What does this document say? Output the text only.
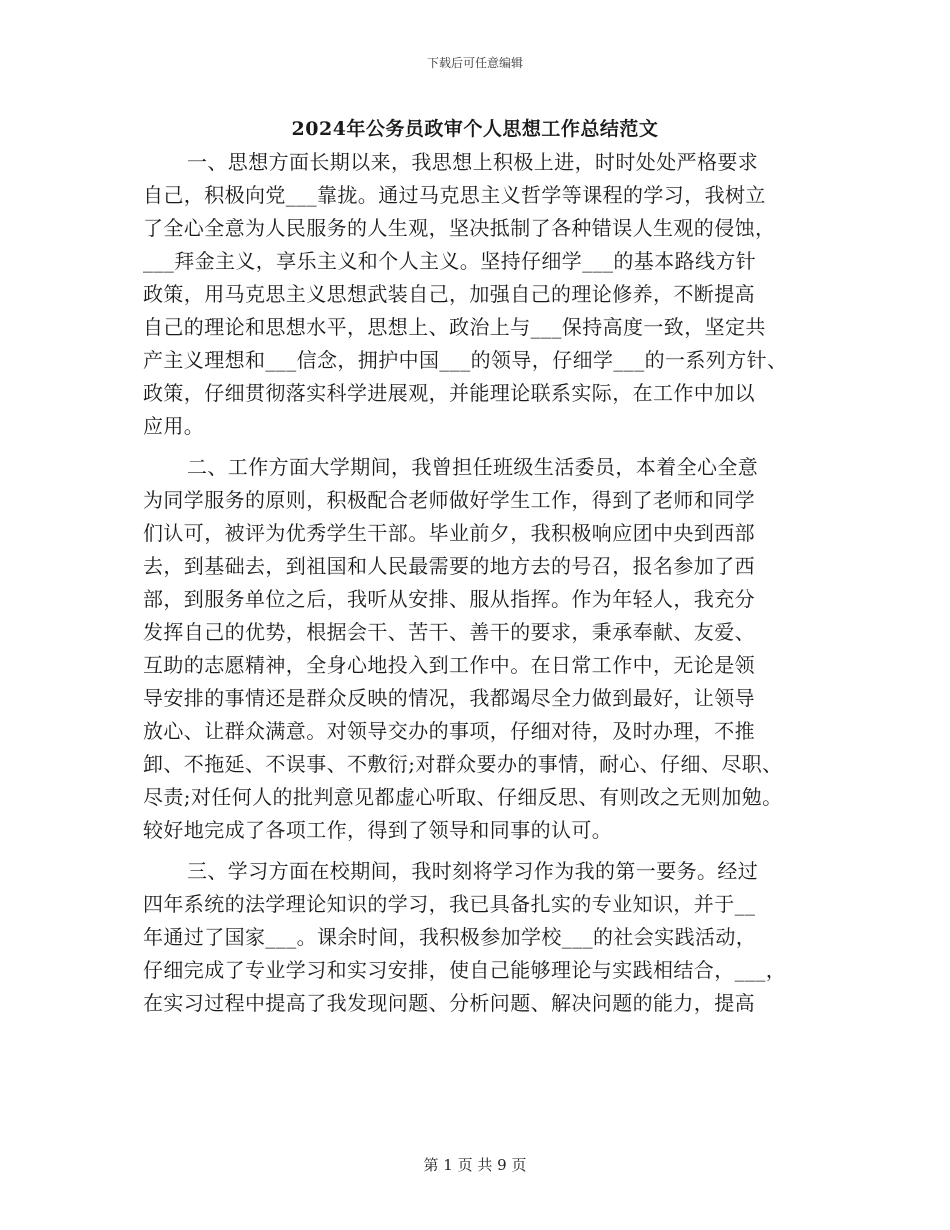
下载后可任意编辑
2024年公务员政审个人思想工作总结范文
一、思想方面长期以来，我思想上积极上进，时时处处严格要求
自己，积极向党___靠拢。通过马克思主义哲学等课程的学习，我树立
了全心全意为人民服务的人生观，坚决抵制了各种错误人生观的侵蚀，
___拜金主义，享乐主义和个人主义。坚持仔细学___的基本路线方针
政策，用马克思主义思想武装自己，加强自己的理论修养，不断提高
自己的理论和思想水平，思想上、政治上与___保持高度一致，坚定共
产主义理想和___信念，拥护中国___的领导，仔细学___的一系列方针、
政策，仔细贯彻落实科学进展观，并能理论联系实际，在工作中加以
应用。
二、工作方面大学期间，我曾担任班级生活委员，本着全心全意
为同学服务的原则，积极配合老师做好学生工作，得到了老师和同学
们认可，被评为优秀学生干部。毕业前夕，我积极响应团中央到西部
去，到基础去，到祖国和人民最需要的地方去的号召，报名参加了西
部，到服务单位之后，我听从安排、服从指挥。作为年轻人，我充分
发挥自己的优势，根据会干、苦干、善干的要求，秉承奉献、友爱、
互助的志愿精神，全身心地投入到工作中。在日常工作中，无论是领
导安排的事情还是群众反映的情况，我都竭尽全力做到最好，让领导
放心、让群众满意。对领导交办的事项，仔细对待，及时办理，不推
卸、不拖延、不误事、不敷衍;对群众要办的事情，耐心、仔细、尽职、
尽责;对任何人的批判意见都虚心听取、仔细反思、有则改之无则加勉。
较好地完成了各项工作，得到了领导和同事的认可。
三、学习方面在校期间，我时刻将学习作为我的第一要务。经过
四年系统的法学理论知识的学习，我已具备扎实的专业知识，并于__
年通过了国家___。课余时间，我积极参加学校___的社会实践活动，
仔细完成了专业学习和实习安排，使自己能够理论与实践相结合，___，
在实习过程中提高了我发现问题、分析问题、解决问题的能力，提高
第 1 页 共 9 页
